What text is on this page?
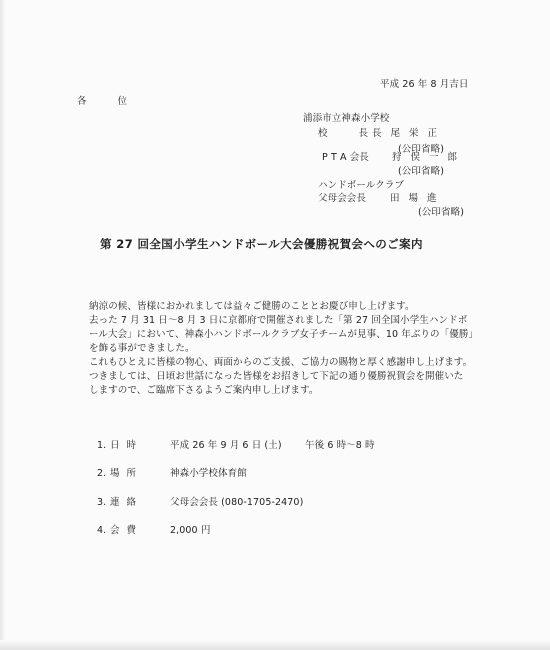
平成 26 年 8 月吉日
各 位
浦添市立神森小学校
校 長
長 尾 栄 正
(公印省略)
P T A 会長 狩 俣 一 郎
(公印省略)
ハンドボールクラブ
父母会会長	田 場 進
(公印省略)
第 27 回全国小学生ハンドボール大会優勝祝賀会へのご案内
納涼の候、皆様におかれましては益々ご健勝のこととお慶び申し上げます。
去った 7 月 31 日～8 月 3 日に京都府で開催されました「第 27 回全国小学生ハンドボ
ール大会」において、神森小ハンドボールクラブ女子チームが見事、10 年ぶりの「優勝」
を飾る事ができました。
これもひとえに皆様の物心、両面からのご支援、ご協力の賜物と厚く感謝申し上げます。
つきましては、日頃お世話になった皆様をお招きして下記の通り優勝祝賀会を開催いた
しますので、ご臨席下さるようご案内申し上げます。
1. 日 時	平成 26 年 9 月 6 日 (土) 午後 6 時～8 時
2. 場 所	神森小学校体育館
3. 連 絡	父母会会長 (080-1705-2470)
4. 会 費	2,000 円
